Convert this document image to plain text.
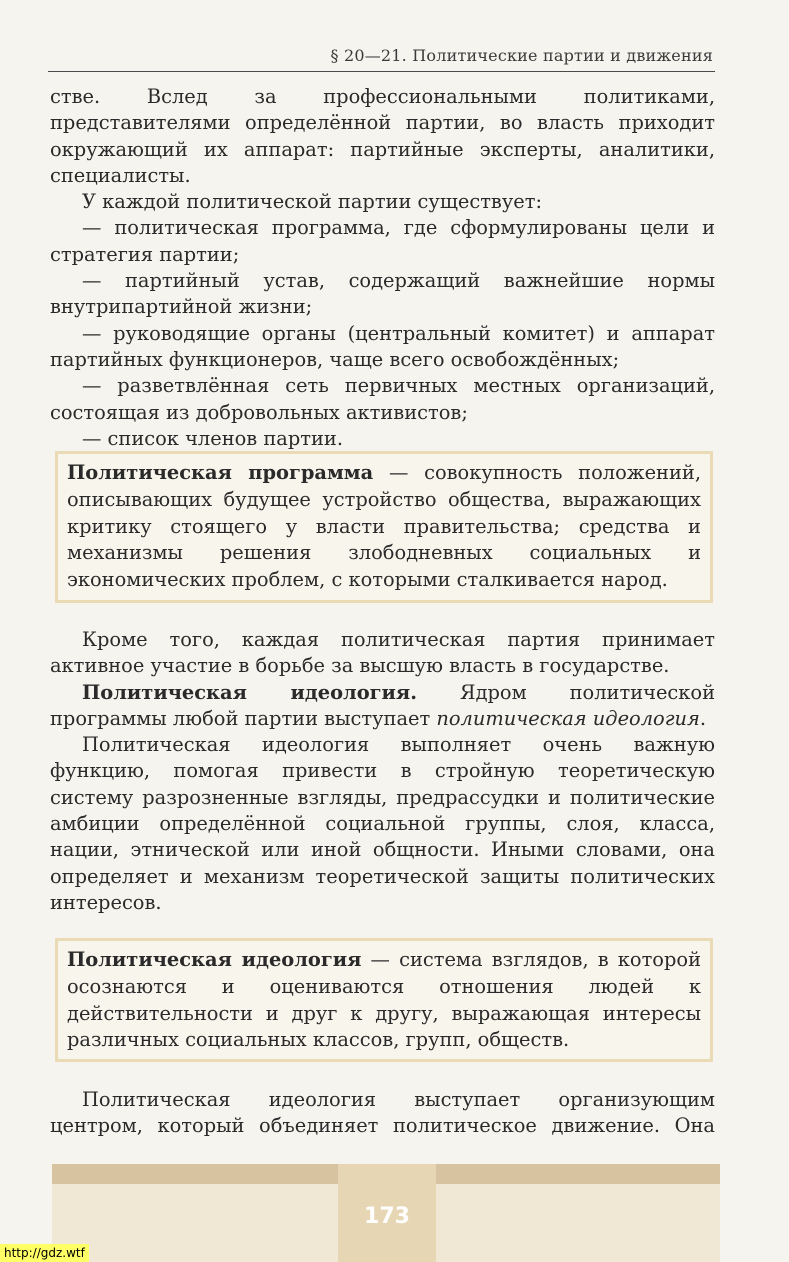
§ 20—21. Политические партии и движения

стве. Вслед за профессиональными политиками, представителями определённой партии, во власть приходит окружающий их аппарат: партийные эксперты, аналитики, специалисты.

У каждой политической партии существует:

— политическая программа, где сформулированы цели и стратегия партии;

— партийный устав, содержащий важнейшие нормы внутрипартийной жизни;

— руководящие органы (центральный комитет) и аппарат партийных функционеров, чаще всего освобождённых;

— разветвлённая сеть первичных местных организаций, состоящая из добровольных активистов;

— список членов партии.

Политическая программа — совокупность положений, описывающих будущее устройство общества, выражающих критику стоящего у власти правительства; средства и механизмы решения злободневных социальных и экономических проблем, с которыми сталкивается народ.

Кроме того, каждая политическая партия принимает активное участие в борьбе за высшую власть в государстве.

Политическая идеология. Ядром политической программы любой партии выступает политическая идеология.

Политическая идеология выполняет очень важную функцию, помогая привести в стройную теоретическую систему разрозненные взгляды, предрассудки и политические амбиции определённой социальной группы, слоя, класса, нации, этнической или иной общности. Иными словами, она определяет и механизм теоретической защиты политических интересов.

Политическая идеология — система взглядов, в которой осознаются и оцениваются отношения людей к действительности и друг к другу, выражающая интересы различных социальных классов, групп, обществ.

Политическая идеология выступает организующим центром, который объединяет политическое движение. Она

173
http://gdz.wtf
